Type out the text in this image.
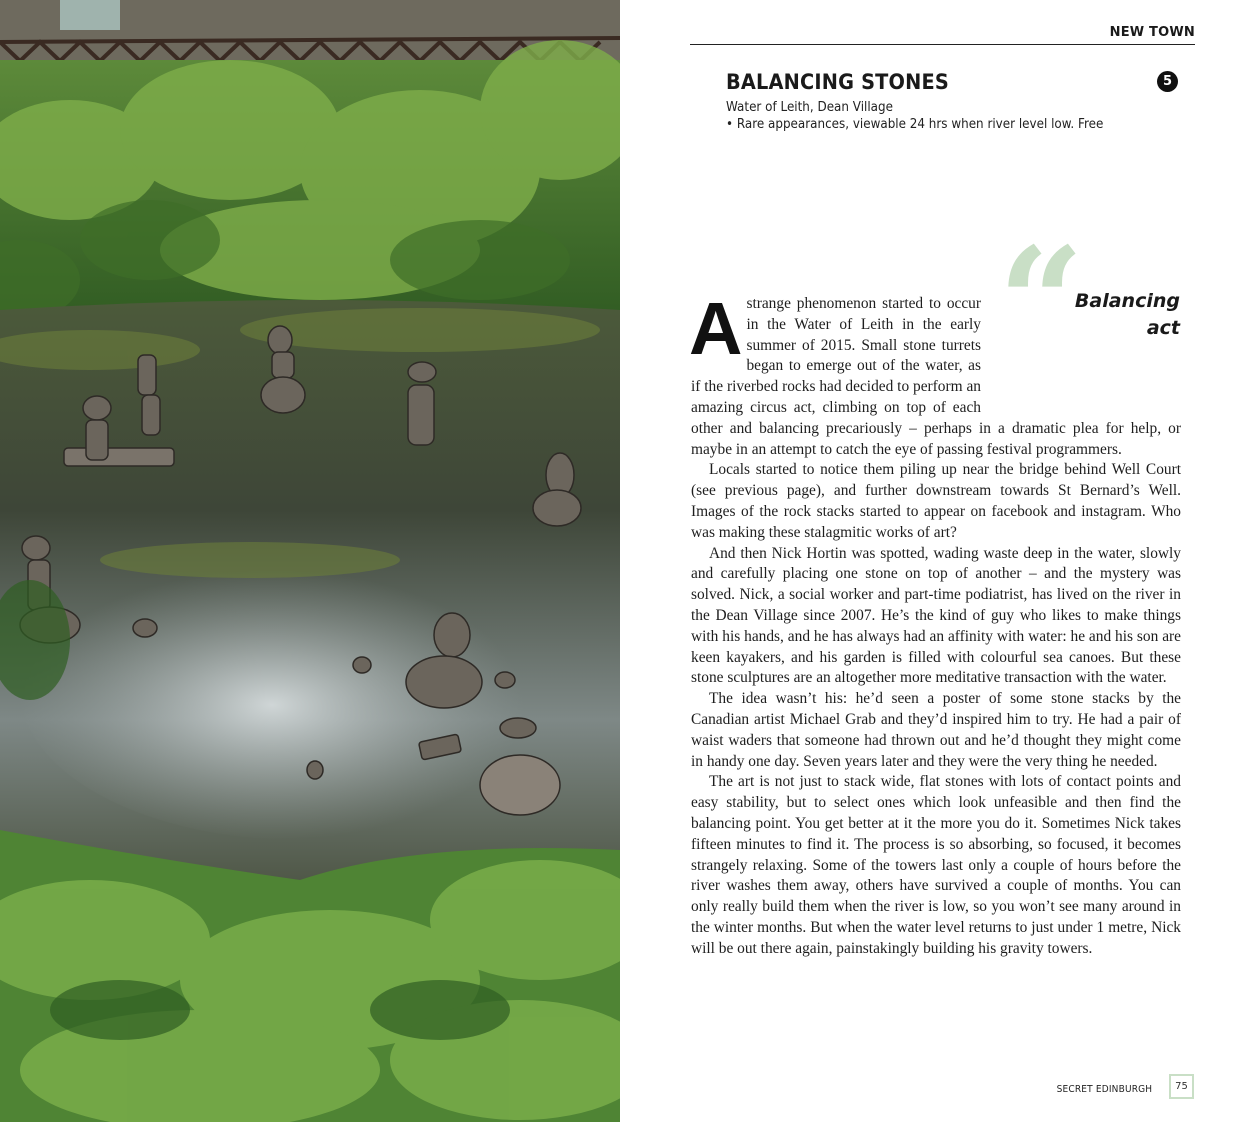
NEW TOWN
BALANCING STONES	5
Water of Leith, Dean Village
• Rare appearances, viewable 24 hrs when river level low. Free
“
Balancing
act

Astrange phenomenon started to occur in the Water of Leith in the early summer of 2015. Small stone turrets began to emerge out of the water, as if the riverbed rocks had decided to perform an amazing circus act, climbing on top of each other and balancing precariously – perhaps in a dramatic plea for help, or maybe in an attempt to catch the eye of passing festival programmers.

Locals started to notice them piling up near the bridge behind Well Court (see previous page), and further downstream towards St Bernard’s Well. Images of the rock stacks started to appear on facebook and instagram. Who was making these stalagmitic works of art?

And then Nick Hortin was spotted, wading waste deep in the water, slowly and carefully placing one stone on top of another – and the mystery was solved. Nick, a social worker and part-time podiatrist, has lived on the river in the Dean Village since 2007. He’s the kind of guy who likes to make things with his hands, and he has always had an affinity with water: he and his son are keen kayakers, and his garden is filled with colourful sea canoes. But these stone sculptures are an altogether more meditative transaction with the water.

The idea wasn’t his: he’d seen a poster of some stone stacks by the Canadian artist Michael Grab and they’d inspired him to try. He had a pair of waist waders that someone had thrown out and he’d thought they might come in handy one day. Seven years later and they were the very thing he needed.

The art is not just to stack wide, flat stones with lots of contact points and easy stability, but to select ones which look unfeasible and then find the balancing point. You get better at it the more you do it. Sometimes Nick takes fifteen minutes to find it. The process is so absorbing, so focused, it becomes strangely relaxing. Some of the towers last only a couple of hours before the river washes them away, others have survived a couple of months. You can only really build them when the river is low, so you won’t see many around in the winter months. But when the water level returns to just under 1 metre, Nick will be out there again, painstakingly building his gravity towers.

SECRET EDINBURGH	75
